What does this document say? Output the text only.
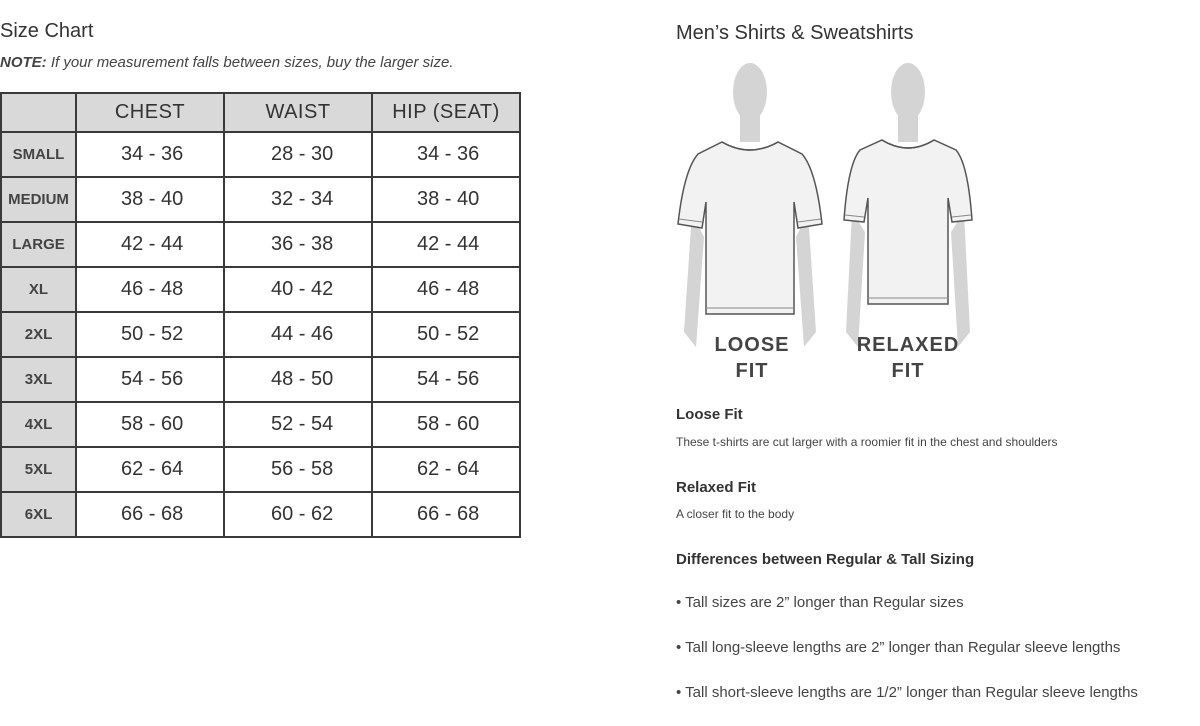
Size Chart
NOTE: If your measurement falls between sizes, buy the larger size.
	CHEST	WAIST	HIP (SEAT)
SMALL	34 - 36	28 - 30	34 - 36
MEDIUM	38 - 40	32 - 34	38 - 40
LARGE	42 - 44	36 - 38	42 - 44
XL	46 - 48	40 - 42	46 - 48
2XL	50 - 52	44 - 46	50 - 52
3XL	54 - 56	48 - 50	54 - 56
4XL	58 - 60	52 - 54	58 - 60
5XL	62 - 64	56 - 58	62 - 64
6XL	66 - 68	60 - 62	66 - 68
Men’s Shirts & Sweatshirts
LOOSE
FIT
RELAXED
FIT
Loose Fit
These t-shirts are cut larger with a roomier fit in the chest and shoulders
Relaxed Fit
A closer fit to the body
Differences between Regular & Tall Sizing
• Tall sizes are 2” longer than Regular sizes
• Tall long-sleeve lengths are 2” longer than Regular sleeve lengths
• Tall short-sleeve lengths are 1/2” longer than Regular sleeve lengths
